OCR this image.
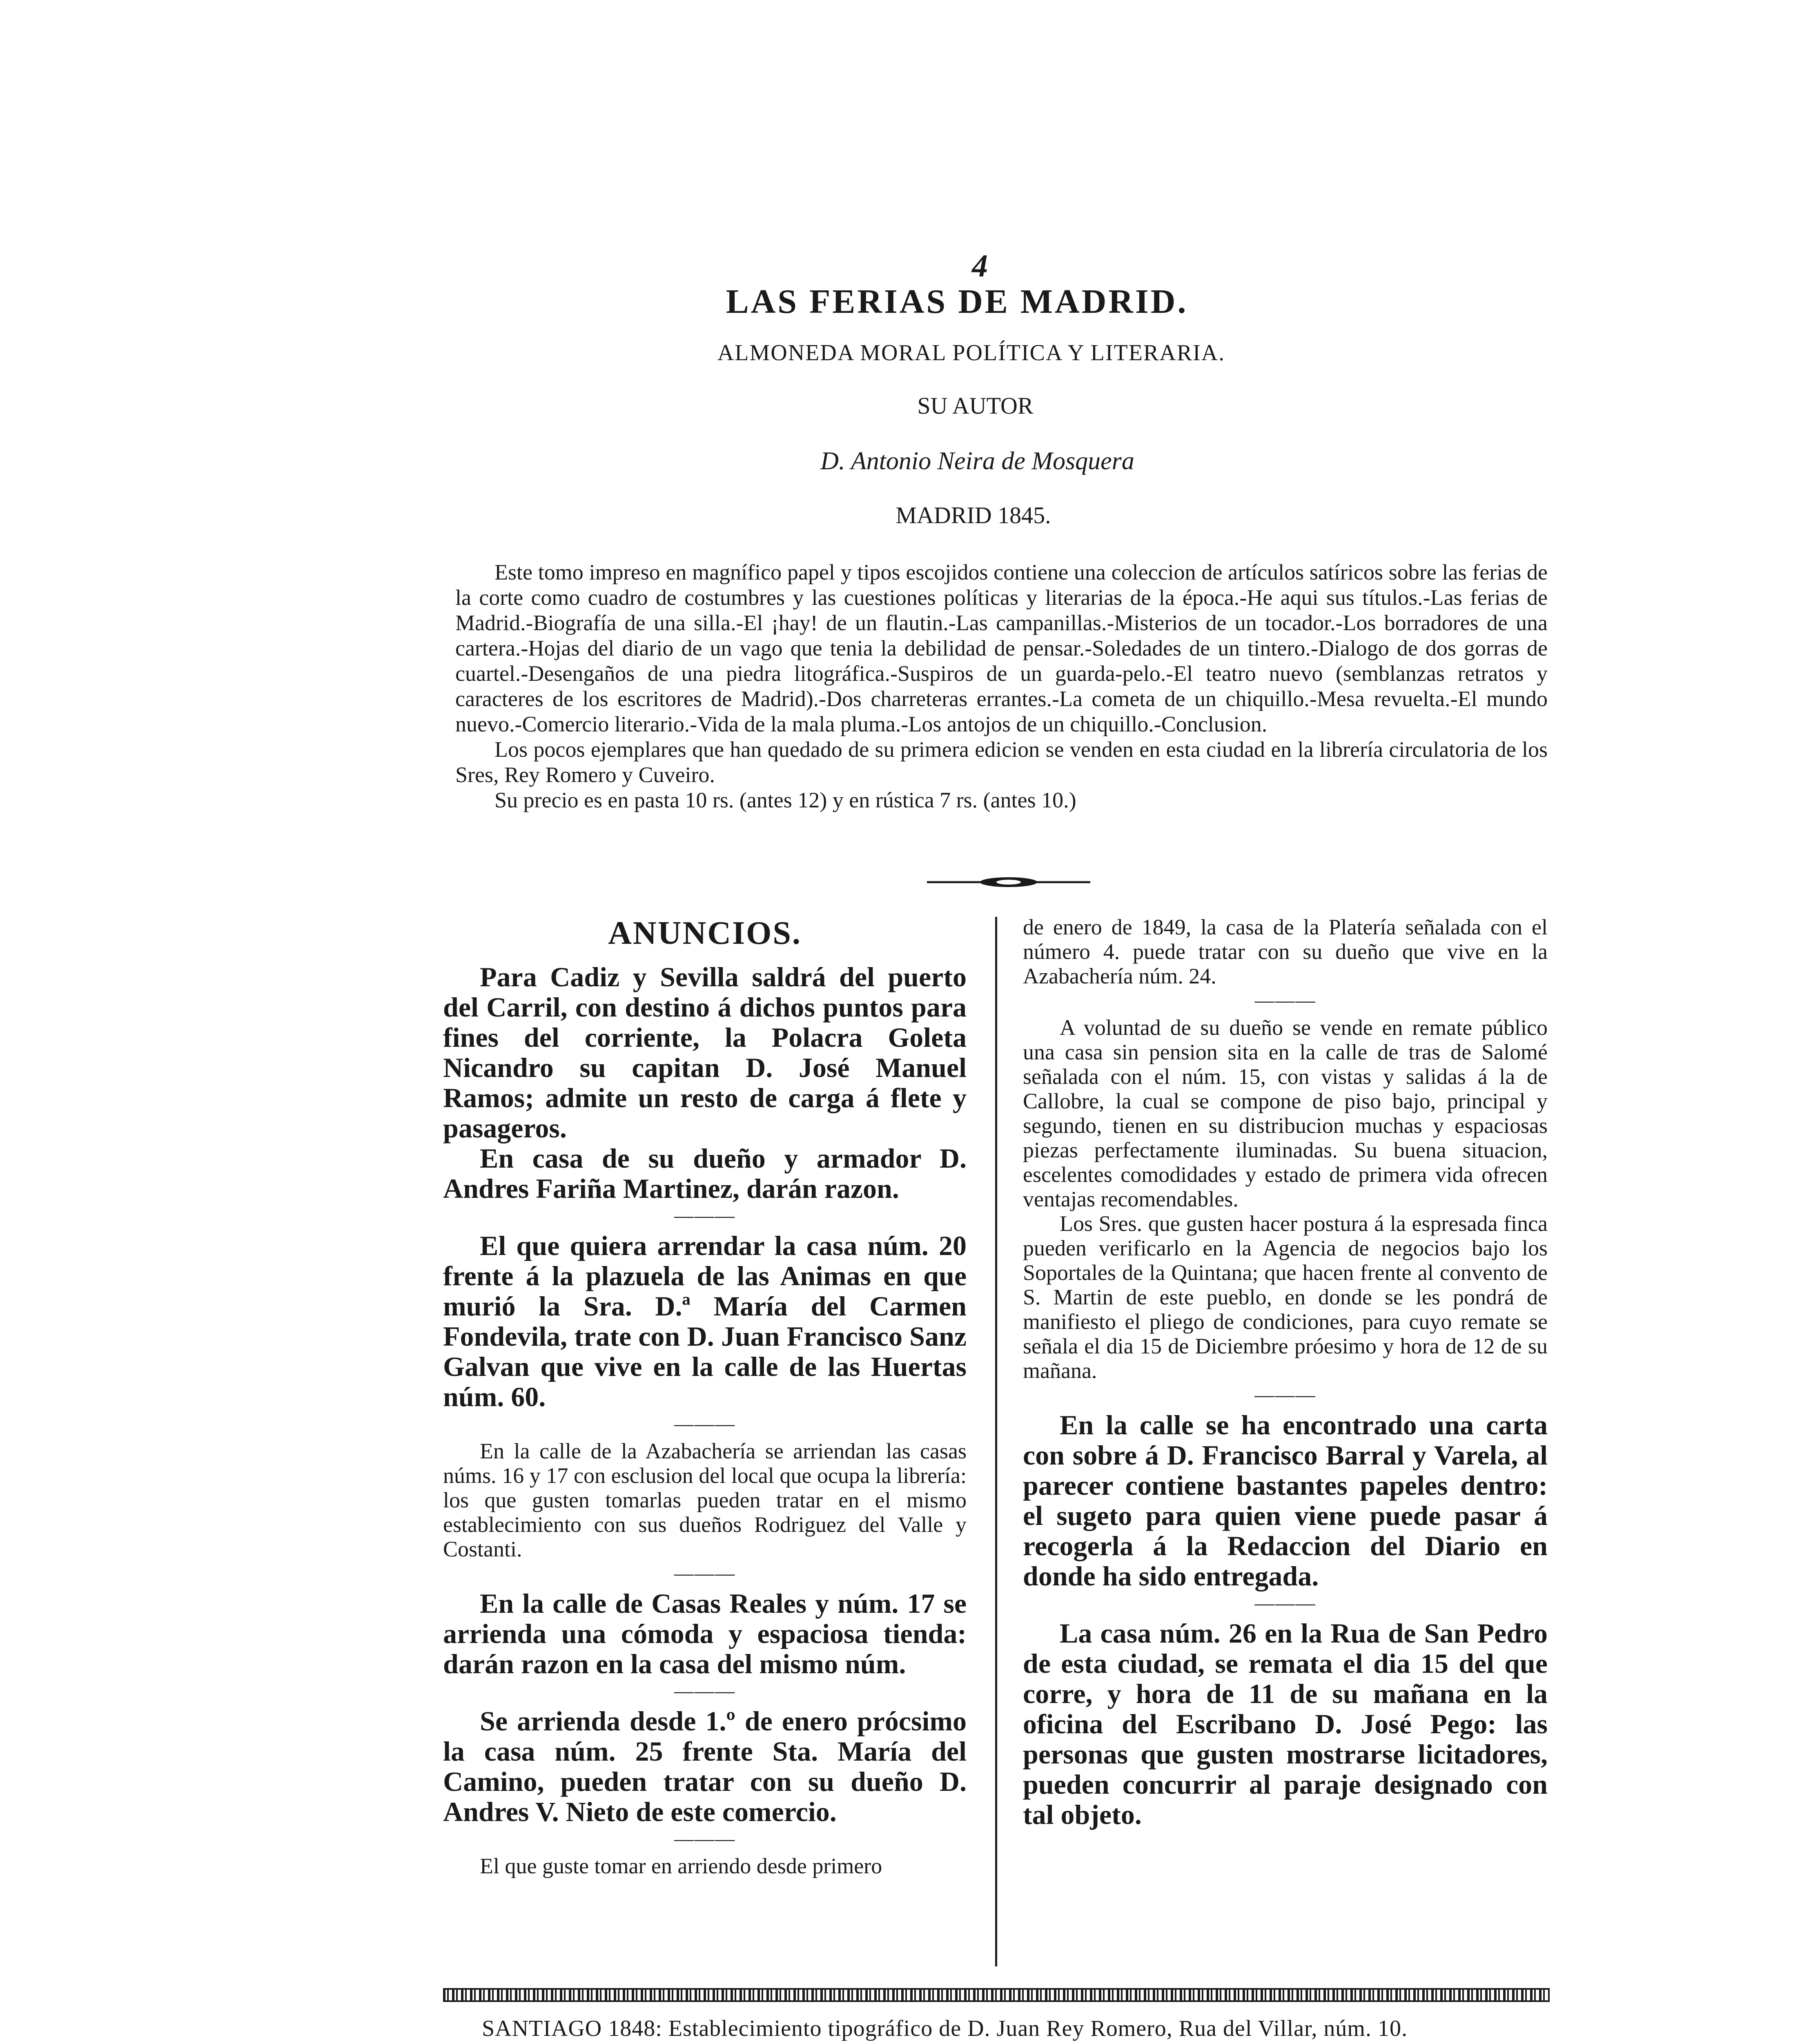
4
LAS FERIAS DE MADRID.
ALMONEDA MORAL POLÍTICA Y LITERARIA.
SU AUTOR
D. Antonio Neira de Mosquera
MADRID 1845.

Este tomo impreso en magnífico papel y tipos escojidos contiene una coleccion de artículos satíricos sobre las ferias de la corte como cuadro de costumbres y las cuestiones políticas y literarias de la época.-He aqui sus títulos.-Las ferias de Madrid.-Biografía de una silla.-El ¡hay! de un flautin.-Las campanillas.-Misterios de un tocador.-Los borradores de una cartera.-Hojas del diario de un vago que tenia la debilidad de pensar.-Soledades de un tintero.-Dialogo de dos gorras de cuartel.-Desengaños de una piedra litográfica.-Suspiros de un guarda-pelo.-El teatro nuevo (semblanzas retratos y caracteres de los escritores de Madrid).-Dos charreteras errantes.-La cometa de un chiquillo.-Mesa revuelta.-El mundo nuevo.-Comercio literario.-Vida de la mala pluma.-Los antojos de un chiquillo.-Conclusion.

Los pocos ejemplares que han quedado de su primera edicion se venden en esta ciudad en la librería circulatoria de los Sres, Rey Romero y Cuveiro.

Su precio es en pasta 10 rs. (antes 12) y en rústica 7 rs. (antes 10.)

ANUNCIOS.

Para Cadiz y Sevilla saldrá del puerto del Carril, con destino á dichos puntos para fines del corriente, la Polacra Goleta Nicandro su capitan D. José Manuel Ramos; admite un resto de carga á flete y pasageros.

En casa de su dueño y armador D. Andres Fariña Martinez, darán razon.

———

El que quiera arrendar la casa núm. 20 frente á la plazuela de las Animas en que murió la Sra. D.ª María del Carmen Fondevila, trate con D. Juan Francisco Sanz Galvan que vive en la calle de las Huertas núm. 60.

———

En la calle de la Azabachería se arriendan las casas núms. 16 y 17 con esclusion del local que ocupa la librería: los que gusten tomarlas pueden tratar en el mismo establecimiento con sus dueños Rodriguez del Valle y Costanti.

———

En la calle de Casas Reales y núm. 17 se arrienda una cómoda y espaciosa tienda: darán razon en la casa del mismo núm.

———

Se arrienda desde 1.º de enero prócsimo la casa núm. 25 frente Sta. María del Camino, pueden tratar con su dueño D. Andres V. Nieto de este comercio.

———

El que guste tomar en arriendo desde primero

de enero de 1849, la casa de la Platería señalada con el número 4. puede tratar con su dueño que vive en la Azabachería núm. 24.

———

A voluntad de su dueño se vende en remate público una casa sin pension sita en la calle de tras de Salomé señalada con el núm. 15, con vistas y salidas á la de Callobre, la cual se compone de piso bajo, principal y segundo, tienen en su distribucion muchas y espaciosas piezas perfectamente iluminadas. Su buena situacion, escelentes comodidades y estado de primera vida ofrecen ventajas recomendables.

Los Sres. que gusten hacer postura á la espresada finca pueden verificarlo en la Agencia de negocios bajo los Soportales de la Quintana; que hacen frente al convento de S. Martin de este pueblo, en donde se les pondrá de manifiesto el pliego de condiciones, para cuyo remate se señala el dia 15 de Diciembre próesimo y hora de 12 de su mañana.

———

En la calle se ha encontrado una carta con sobre á D. Francisco Barral y Varela, al parecer contiene bastantes papeles dentro: el sugeto para quien viene puede pasar á recogerla á la Redaccion del Diario en donde ha sido entregada.

———

La casa núm. 26 en la Rua de San Pedro de esta ciudad, se remata el dia 15 del que corre, y hora de 11 de su mañana en la oficina del Escribano D. José Pego: las personas que gusten mostrarse licitadores, pueden concurrir al paraje designado con tal objeto.

SANTIAGO 1848: Establecimiento tipográfico de D. Juan Rey Romero, Rua del Villar, núm. 10.
